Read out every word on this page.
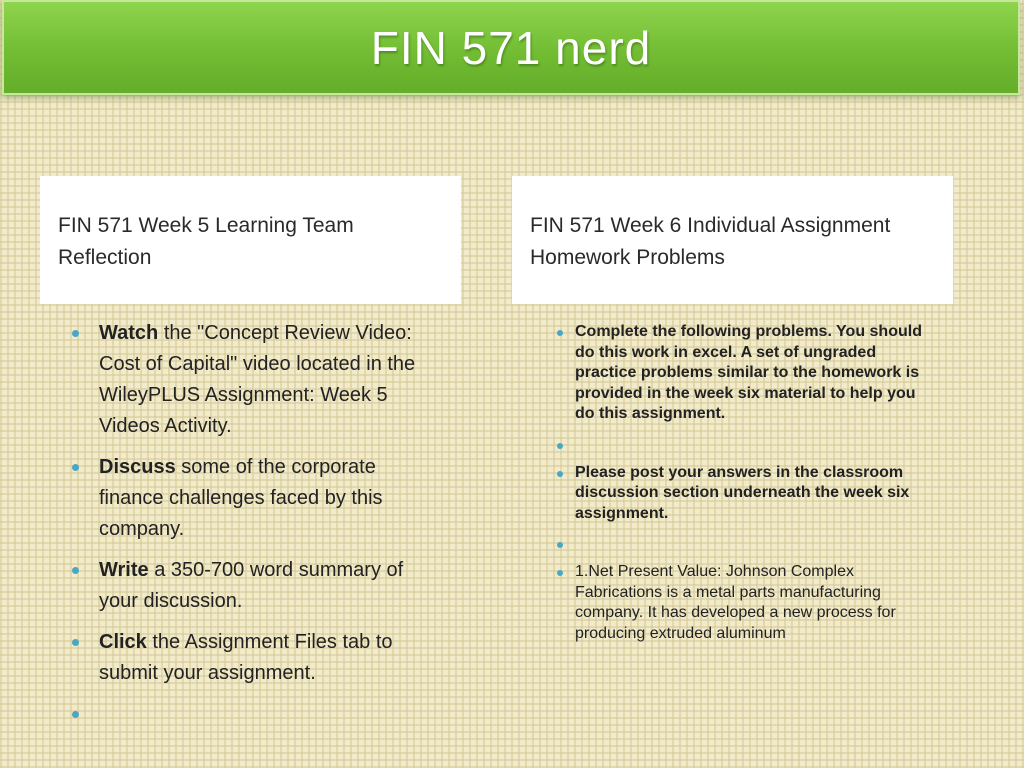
FIN 571 nerd
FIN 571 Week 5 Learning Team Reflection
FIN 571 Week 6 Individual Assignment Homework Problems
Watch the "Concept Review Video: Cost of Capital" video located in the WileyPLUS Assignment: Week 5 Videos Activity.
Discuss some of the corporate finance challenges faced by this company.
Write a 350-700 word summary of your discussion.
Click the Assignment Files tab to submit your assignment.
Complete the following problems. You should do this work in excel. A set of ungraded practice problems similar to the homework is provided in the week six material to help you do this assignment.
Please post your answers in the classroom discussion section underneath the week six assignment.
1.Net Present Value: Johnson Complex Fabrications is a metal parts manufacturing company. It has developed a new process for producing extruded aluminum
